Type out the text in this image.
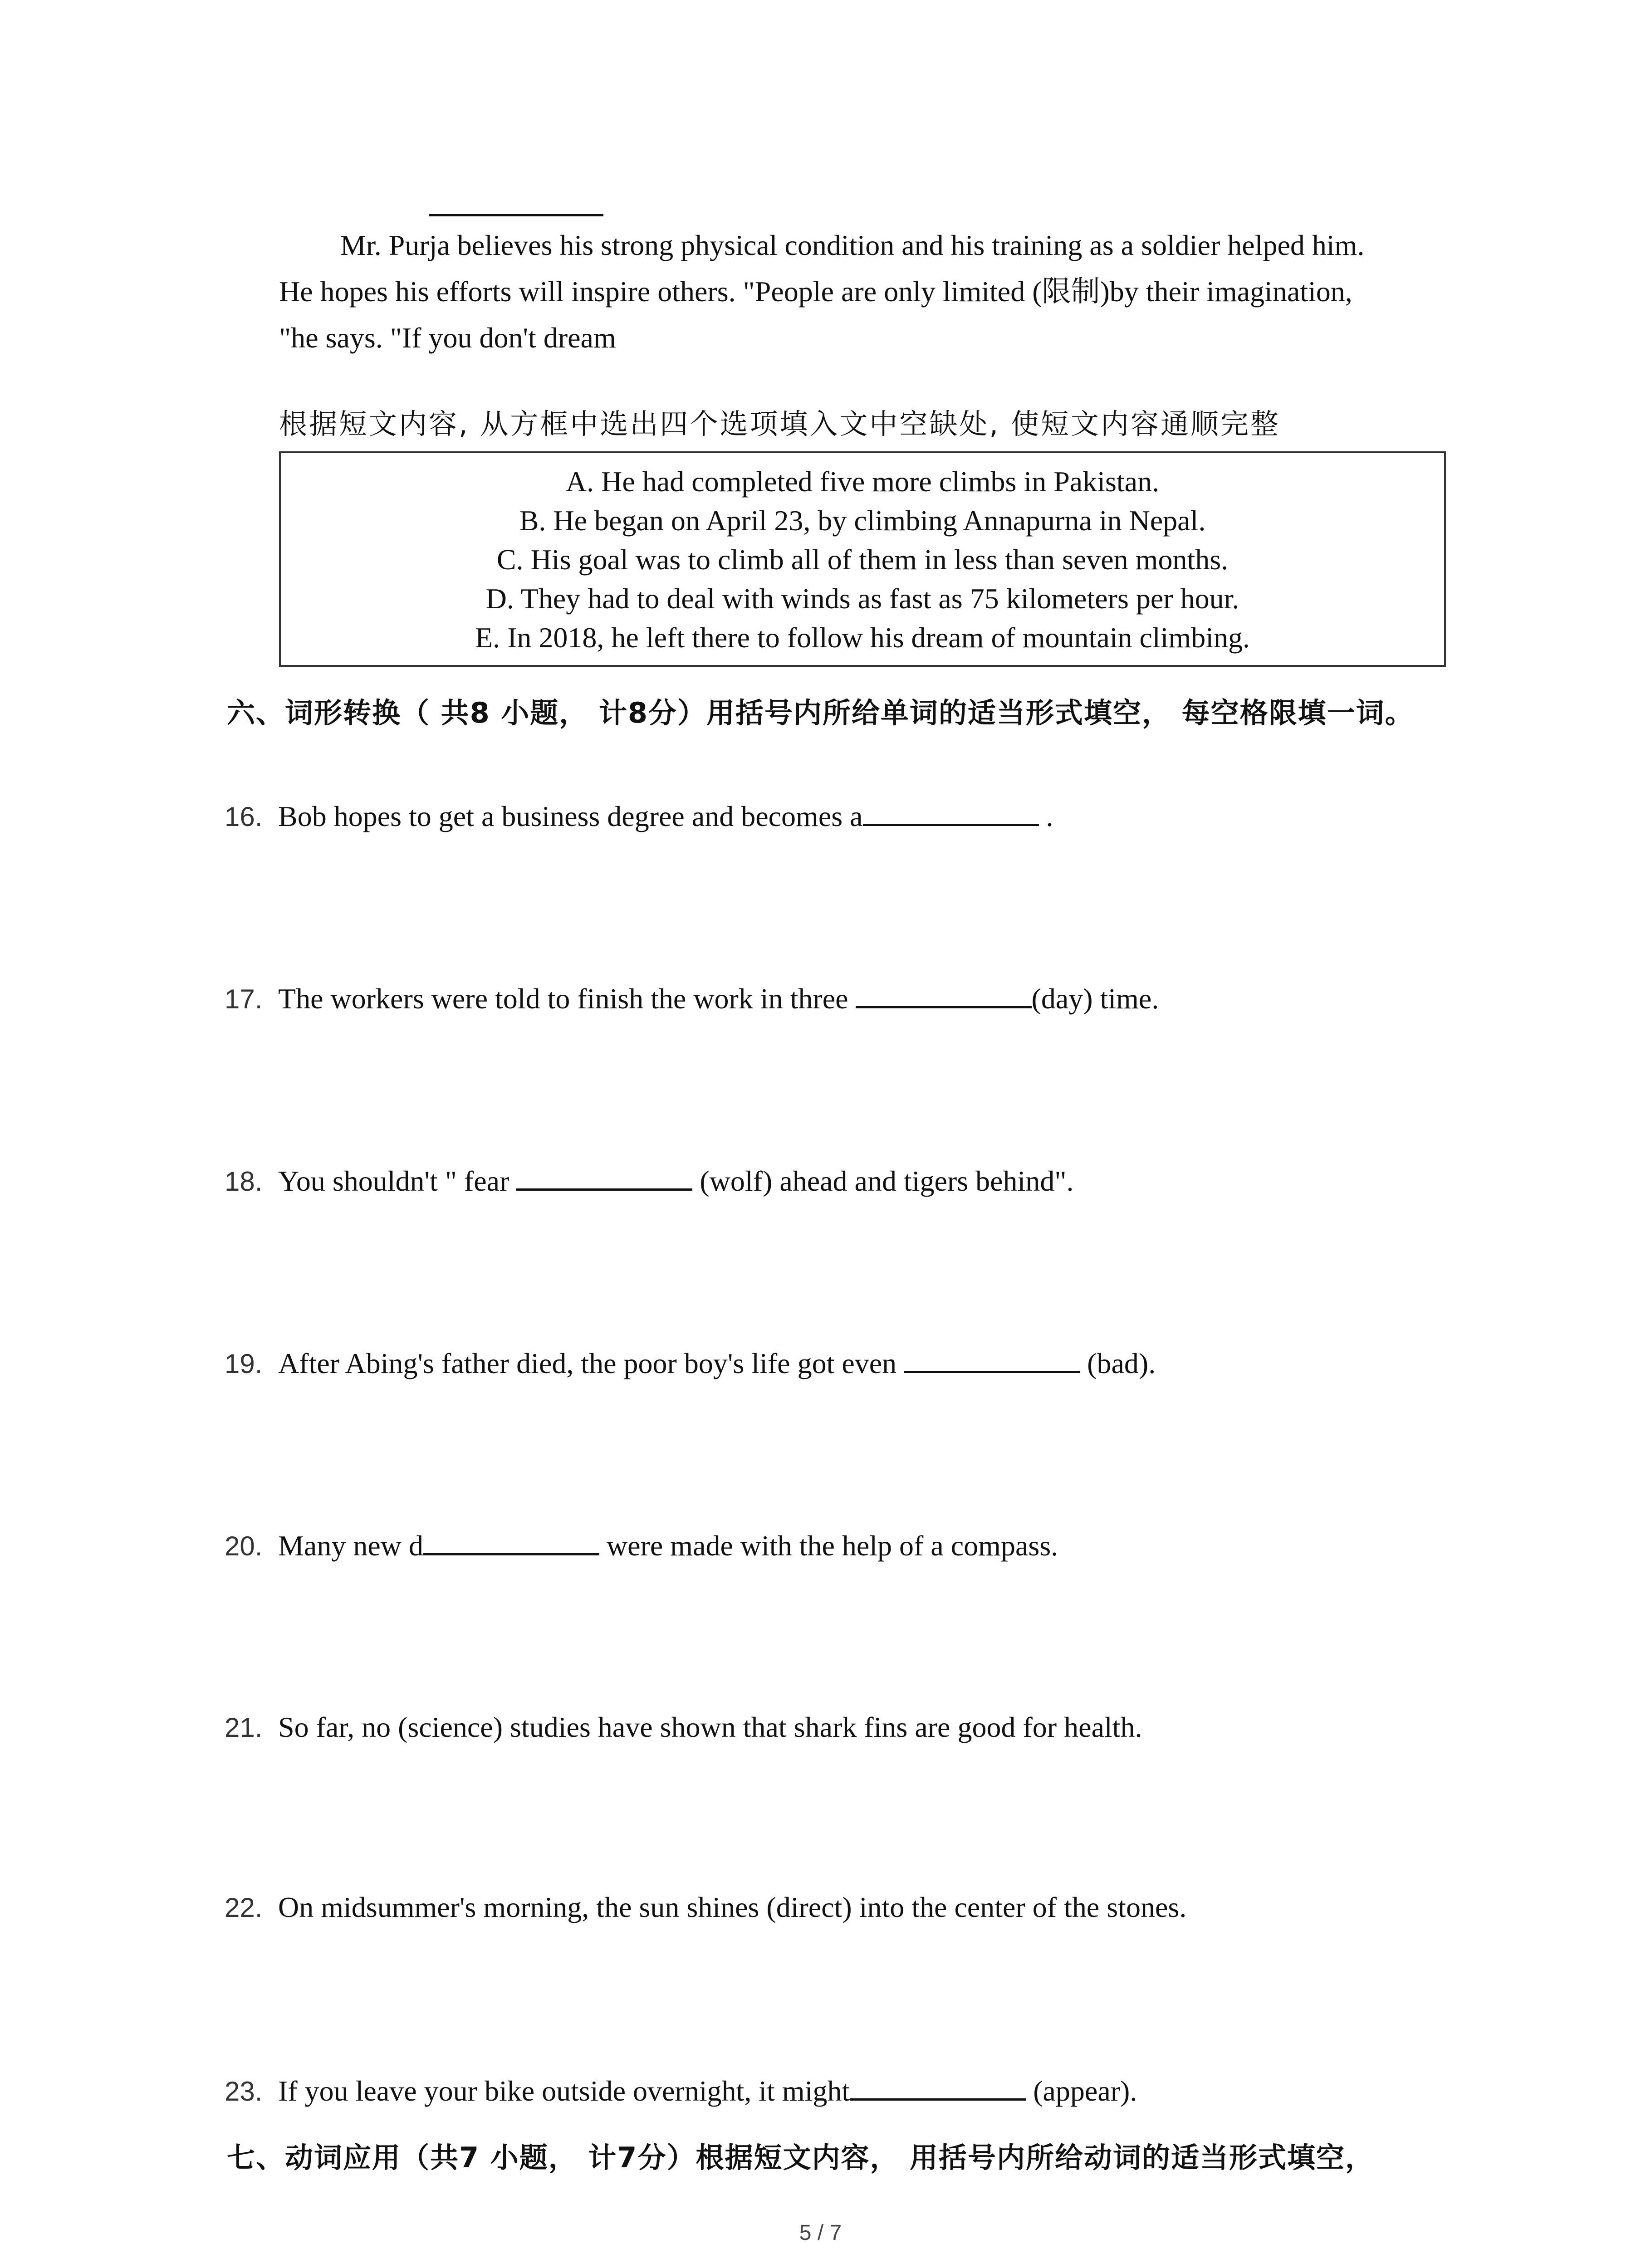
Mr. Purja believes his strong physical condition and his training as a soldier helped him.
He hopes his efforts will inspire others. "People are only limited (限制)by their imagination,
"he says. "If you don't dream

根据短文内容, 从方框中选出四个选项填入文中空缺处, 使短文内容通顺完整
A. He had completed five more climbs in Pakistan.
B. He began on April 23, by climbing Annapurna in Nepal.
C. His goal was to climb all of them in less than seven months.
D. They had to deal with winds as fast as 75 kilometers per hour.
E. In 2018, he left there to follow his dream of mountain climbing.
六、词形转换（ 共8 小题， 计8分）用括号内所给单词的适当形式填空， 每空格限填一词。
16. Bob hopes to get a business degree and becomes a	.
17. The workers were told to finish the work in three	(day) time.
18. You shouldn't " fear	(wolf) ahead and tigers behind".
19. After Abing's father died, the poor boy's life got even	(bad).
20. Many new d	were made with the help of a compass.
21. So far, no (science) studies have shown that shark fins are good for health.
22. On midsummer's morning, the sun shines (direct) into the center of the stones.
23. If you leave your bike outside overnight, it might	(appear).
七、动词应用（共7 小题， 计7分）根据短文内容， 用括号内所给动词的适当形式填空，
5 / 7
